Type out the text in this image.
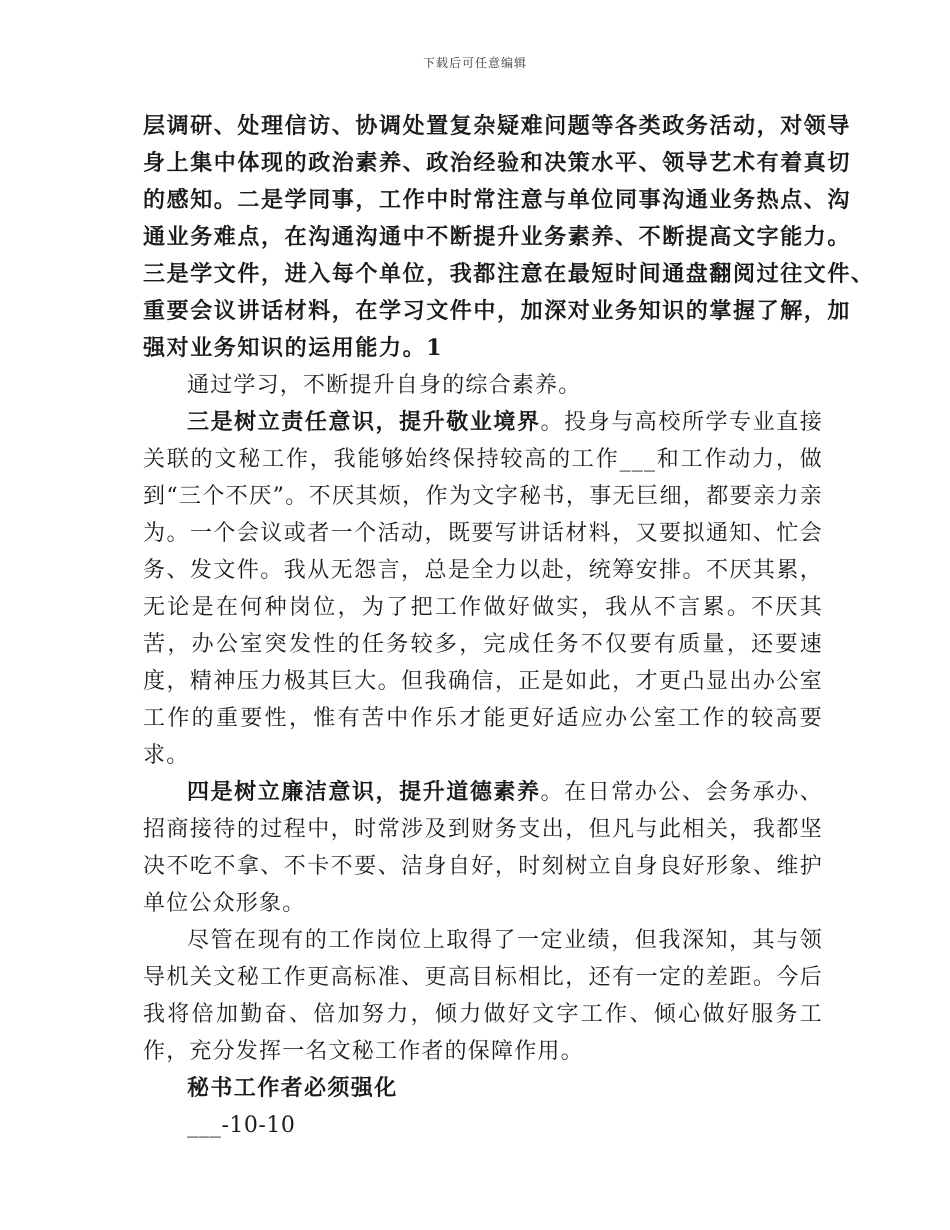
下载后可任意编辑
层调研、处理信访、协调处置复杂疑难问题等各类政务活动，对领导
身上集中体现的政治素养、政治经验和决策水平、领导艺术有着真切
的感知。二是学同事，工作中时常注意与单位同事沟通业务热点、沟
通业务难点，在沟通沟通中不断提升业务素养、不断提高文字能力。
三是学文件，进入每个单位，我都注意在最短时间通盘翻阅过往文件、
重要会议讲话材料，在学习文件中，加深对业务知识的掌握了解，加
强对业务知识的运用能力。1

通过学习，不断提升自身的综合素养。

三是树立责任意识，提升敬业境界。投身与高校所学专业直接关联的文秘工作，我能够始终保持较高的工作___和工作动力，做到“三个不厌”。不厌其烦，作为文字秘书，事无巨细，都要亲力亲为。一个会议或者一个活动，既要写讲话材料，又要拟通知、忙会务、发文件。我从无怨言，总是全力以赴，统筹安排。不厌其累，无论是在何种岗位，为了把工作做好做实，我从不言累。不厌其苦，办公室突发性的任务较多，完成任务不仅要有质量，还要速度，精神压力极其巨大。但我确信，正是如此，才更凸显出办公室工作的重要性，惟有苦中作乐才能更好适应办公室工作的较高要求。

四是树立廉洁意识，提升道德素养。在日常办公、会务承办、招商接待的过程中，时常涉及到财务支出，但凡与此相关，我都坚决不吃不拿、不卡不要、洁身自好，时刻树立自身良好形象、维护单位公众形象。

尽管在现有的工作岗位上取得了一定业绩，但我深知，其与领导机关文秘工作更高标准、更高目标相比，还有一定的差距。今后我将倍加勤奋、倍加努力，倾力做好文字工作、倾心做好服务工作，充分发挥一名文秘工作者的保障作用。

秘书工作者必须强化

___-10-10
